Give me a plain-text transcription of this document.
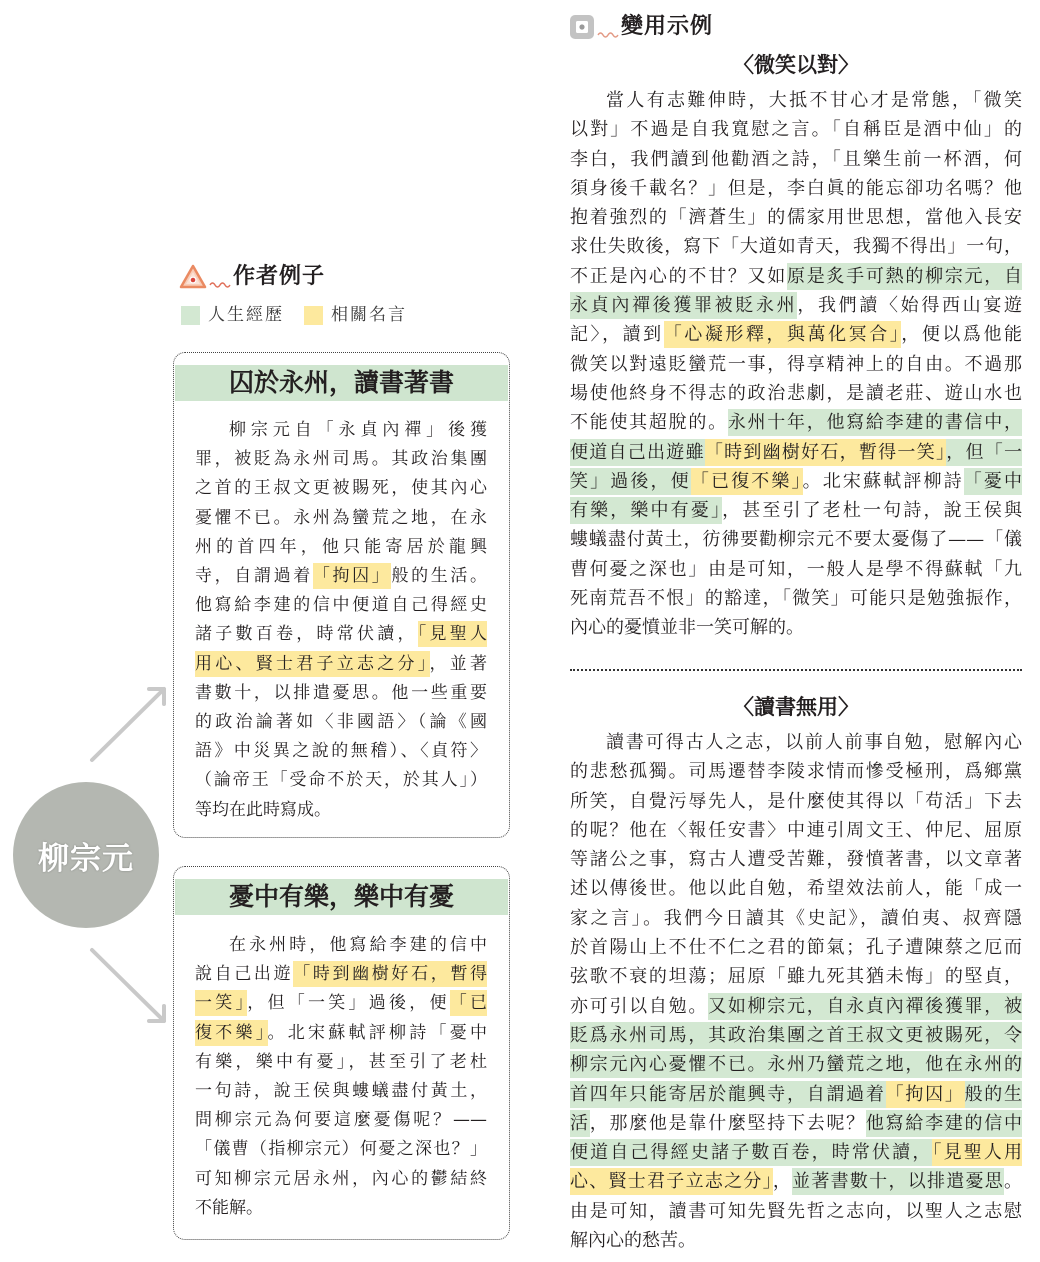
變用示例
〈微笑以對〉
當人有志難伸時，大抵不甘心才是常態，「微笑
以對」不過是自我寬慰之言。「自稱臣是酒中仙」的
李白，我們讀到他勸酒之詩，「且樂生前一杯酒，何
須身後千載名？」但是，李白眞的能忘卻功名嗎？他
抱着強烈的「濟蒼生」的儒家用世思想，當他入長安
求仕失敗後，寫下「大道如青天，我獨不得出」一句，
不正是內心的不甘？又如原是炙手可熱的柳宗元，自
永貞內禪後獲罪被貶永州，我們讀〈始得西山宴遊
記〉，讀到「心凝形釋，與萬化冥合」，便以爲他能
微笑以對遠貶蠻荒一事，得享精神上的自由。不過那
場使他終身不得志的政治悲劇，是讀老莊、遊山水也
不能使其超脫的。永州十年，他寫給李建的書信中，
便道自己出遊雖「時到幽樹好石，暫得一笑」，但「一
笑」過後，便「已復不樂」。北宋蘇軾評柳詩「憂中
有樂，樂中有憂」，甚至引了老杜一句詩，說王侯與
螻蟻盡付黃土，彷彿要勸柳宗元不要太憂傷了——「儀
曹何憂之深也」由是可知，一般人是學不得蘇軾「九
死南荒吾不恨」的豁達，「微笑」可能只是勉強振作，
內心的憂憤並非一笑可解的。
〈讀書無用〉
讀書可得古人之志，以前人前事自勉，慰解內心
的悲愁孤獨。司馬遷替李陵求情而慘受極刑，爲鄉黨
所笑，自覺污辱先人，是什麼使其得以「苟活」下去
的呢？他在〈報任安書〉中連引周文王、仲尼、屈原
等諸公之事，寫古人遭受苦難，發憤著書，以文章著
述以傳後世。他以此自勉，希望效法前人，能「成一
家之言」。我們今日讀其《史記》，讀伯夷、叔齊隱
於首陽山上不仕不仁之君的節氣；孔子遭陳蔡之厄而
弦歌不衰的坦蕩；屈原「雖九死其猶未悔」的堅貞，
亦可引以自勉。又如柳宗元，自永貞內禪後獲罪，被
貶爲永州司馬，其政治集團之首王叔文更被賜死，令
柳宗元內心憂懼不已。永州乃蠻荒之地，他在永州的
首四年只能寄居於龍興寺，自謂過着「拘囚」般的生
活，那麼他是靠什麼堅持下去呢？他寫給李建的信中
便道自己得經史諸子數百卷，時常伏讀，「見聖人用
心、賢士君子立志之分」，並著書數十，以排遣憂思。
由是可知，讀書可知先賢先哲之志向，以聖人之志慰
解內心的愁苦。
作者例子
人生經歷	相關名言
囚於永州，讀書著書
柳宗元自「永貞內禪」後獲
罪，被貶為永州司馬。其政治集團
之首的王叔文更被賜死，使其內心
憂懼不已。永州為蠻荒之地，在永
州的首四年，他只能寄居於龍興
寺，自謂過着「拘囚」般的生活。
他寫給李建的信中便道自己得經史
諸子數百卷，時常伏讀，「見聖人
用心、賢士君子立志之分」，並著
書數十，以排遣憂思。他一些重要
的政治論著如〈非國語〉（論《國
語》中災異之說的無稽）、〈貞符〉
（論帝王「受命不於天，於其人」）
等均在此時寫成。
憂中有樂，樂中有憂
在永州時，他寫給李建的信中
說自己出遊「時到幽樹好石，暫得
一笑」，但「一笑」過後，便「已
復不樂」。北宋蘇軾評柳詩「憂中
有樂，樂中有憂」，甚至引了老杜
一句詩，說王侯與螻蟻盡付黃土，
問柳宗元為何要這麼憂傷呢？——
「儀曹（指柳宗元）何憂之深也？」
可知柳宗元居永州，內心的鬱結終
不能解。
柳宗元
